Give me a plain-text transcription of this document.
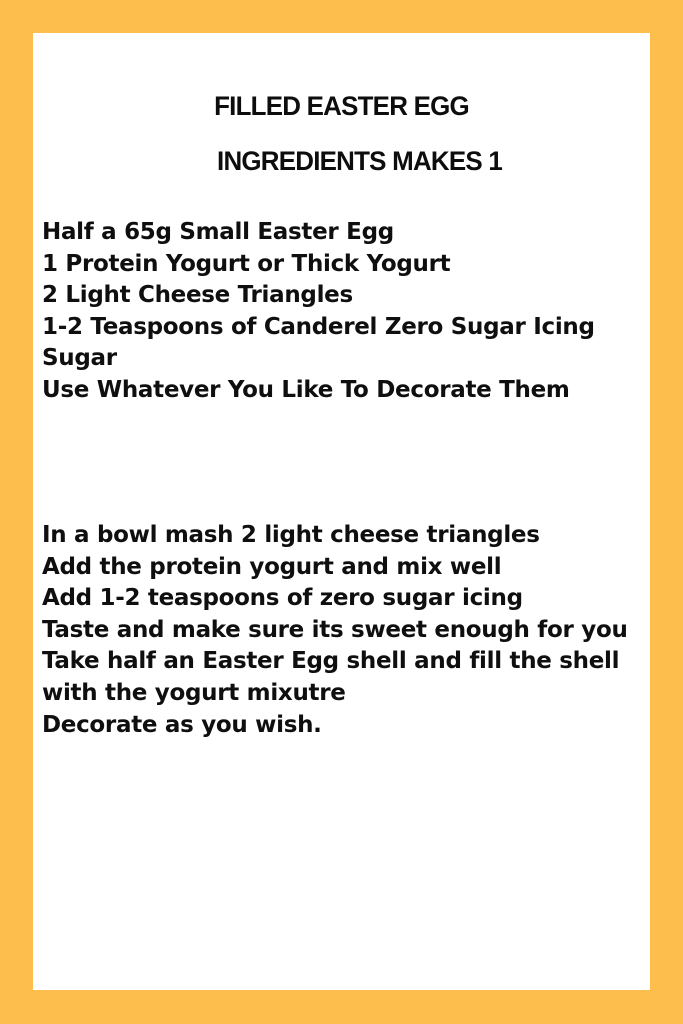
FILLED EASTER EGG
INGREDIENTS MAKES 1
Half a 65g Small Easter Egg
1 Protein Yogurt or Thick Yogurt
2 Light Cheese Triangles
1-2 Teaspoons of Canderel Zero Sugar Icing
Sugar
Use Whatever You Like To Decorate Them
In a bowl mash 2 light cheese triangles
Add the protein yogurt and mix well
Add 1-2 teaspoons of zero sugar icing
Taste and make sure its sweet enough for you
Take half an Easter Egg shell and fill the shell
with the yogurt mixutre
Decorate as you wish.
